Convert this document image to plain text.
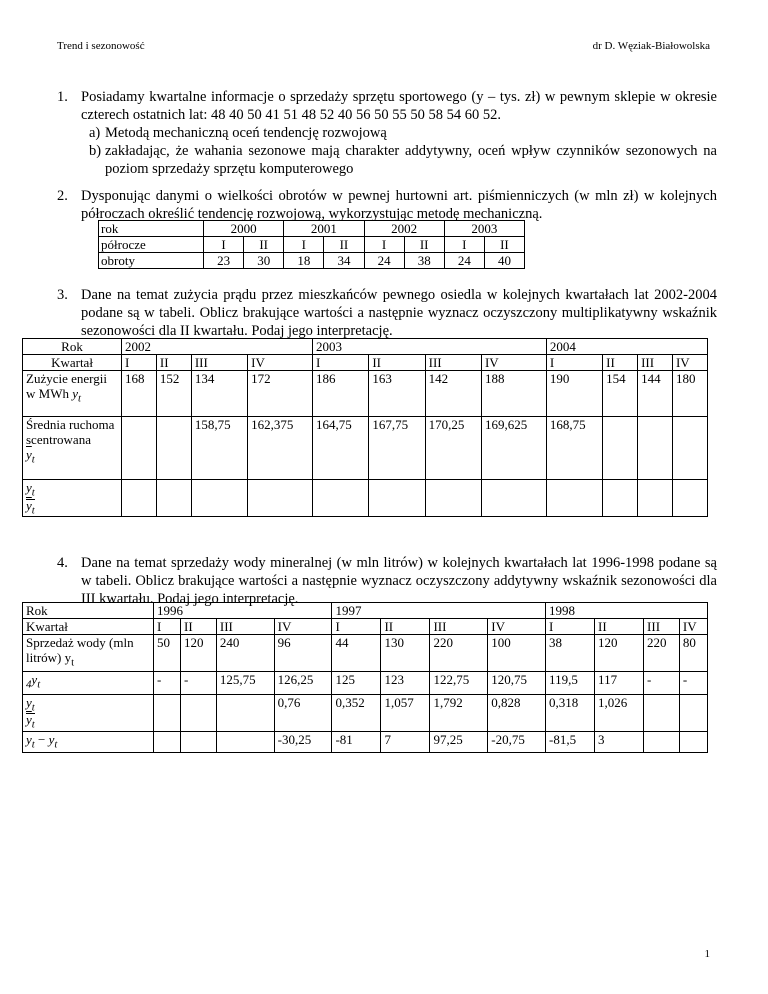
Trend i sezonowość	dr D. Węziak-Białowolska
1. Posiadamy kwartalne informacje o sprzedaży sprzętu sportowego (y – tys. zł) w pewnym sklepie w okresie czterech ostatnich lat: 48 40 50 41 51 48 52 40 56 50 55 50 58 54 60 52.

a) Metodą mechaniczną oceń tendencję rozwojową
b) zakładając, że wahania sezonowe mają charakter addytywny, oceń wpływ czynników sezonowych na poziom sprzedaży sprzętu komputerowego
2. Dysponując danymi o wielkości obrotów w pewnej hurtowni art. piśmienniczych (w mln zł) w kolejnych półroczach określić tendencję rozwojową, wykorzystując metodę mechaniczną.

rok	2000		2001		2002		2003	
półrocze	I	II	I	II	I	II	I	II
obroty	23	30	18	34	24	38	24	40
3. Dane na temat zużycia prądu przez mieszkańców pewnego osiedla w kolejnych kwartałach lat 2002-2004 podane są w tabeli. Oblicz brakujące wartości a następnie wyznacz oczyszczony multiplikatywny wskaźnik sezonowości dla II kwartału. Podaj jego interpretację.

Rok	2002				2003				2004			
Kwartał	I	II	III	IV	I	II	III	IV	I	II	III	IV
Zużycie energii w MWh $y_t$	168	152	134	172	186	163	142	188	190	154	144	180
Średnia ruchoma scentrowana
$\overline{y}_t$			158,75	162,375	164,75	167,75	170,25	169,625	168,75			

$\frac{y_t}{\overline{y}_t}$

4. Dane na temat sprzedaży wody mineralnej (w mln litrów) w kolejnych kwartałach lat 1996-1998 podane są w tabeli. Oblicz brakujące wartości a następnie wyznacz oczyszczony addytywny wskaźnik sezonowości dla III kwartału. Podaj jego interpretację.

Rok	1996				1997				1998			
Kwartał	I	II	III	IV	I	II	III	IV	I	II	III	IV
Sprzedaż wody (mln litrów) $y_t$	50	120	240	96	44	130	220	100	38	120	220	80
$_4\overline{y}_t$	-	-	125,75	126,25	125	123	122,75	120,75	119,5	117	-	-

$\frac{y_t}{\overline{y}_t}$				0,76	0,352	1,057	1,792	0,828	0,318	1,026		
$y_t - \overline{y}_t$				-30,25	-81	7	97,25	-20,75	-81,5	3		
1
